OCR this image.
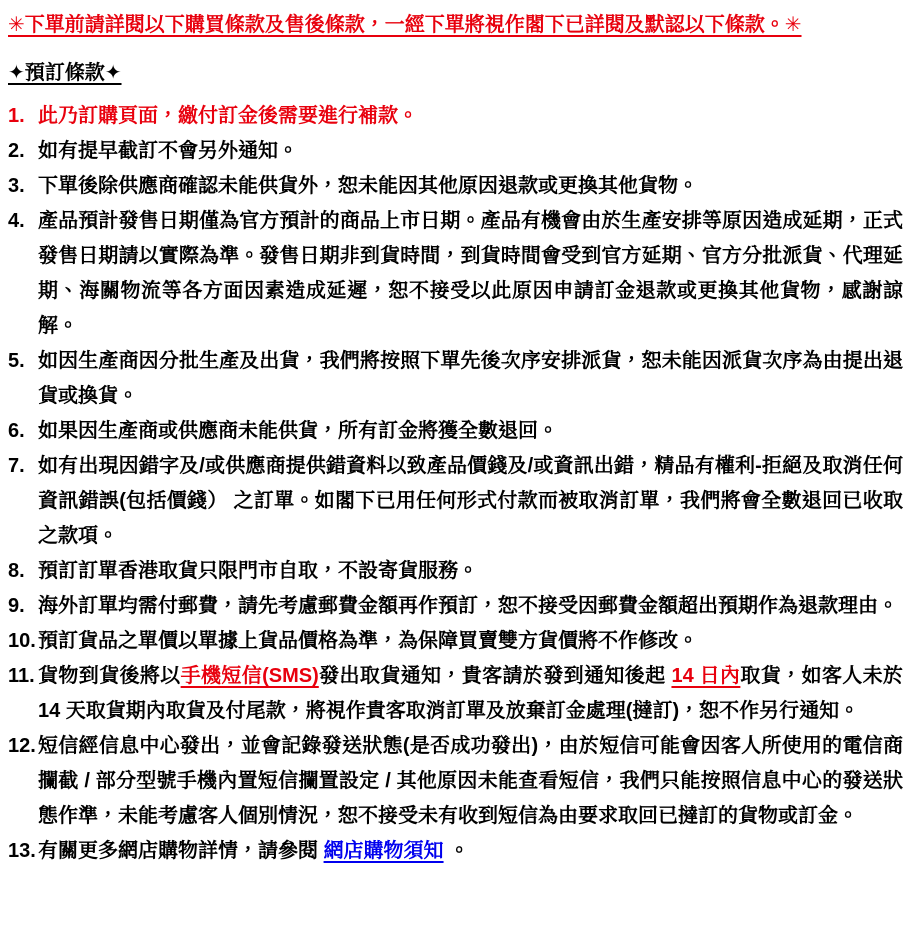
✳下單前請詳閱以下購買條款及售後條款，一經下單將視作閣下已詳閱及默認以下條款。✳
✦預訂條款✦
1. 此乃訂購頁面，繳付訂金後需要進行補款。
2. 如有提早截訂不會另外通知。
3. 下單後除供應商確認未能供貨外，恕未能因其他原因退款或更換其他貨物。
4. 產品預計發售日期僅為官方預計的商品上市日期。產品有機會由於生產安排等原因造成延期，正式發售日期請以實際為準。發售日期非到貨時間，到貨時間會受到官方延期、官方分批派貨、代理延期、海關物流等各方面因素造成延遲，恕不接受以此原因申請訂金退款或更換其他貨物，感謝諒解。
5. 如因生產商因分批生產及出貨，我們將按照下單先後次序安排派貨，恕未能因派貨次序為由提出退貨或換貨。
6. 如果因生產商或供應商未能供貨，所有訂金將獲全數退回。
7. 如有出現因錯字及/或供應商提供錯資料以致產品價錢及/或資訊出錯，精品有權利-拒絕及取消任何資訊錯誤(包括價錢） 之訂單。如閣下已用任何形式付款而被取消訂單，我們將會全數退回已收取之款項。
8. 預訂訂單香港取貨只限門市自取，不設寄貨服務。
9. 海外訂單均需付郵費，請先考慮郵費金額再作預訂，恕不接受因郵費金額超出預期作為退款理由。
10. 預訂貨品之單價以單據上貨品價格為準，為保障買賣雙方貨價將不作修改。
11. 貨物到貨後將以手機短信(SMS)發出取貨通知，貴客請於發到通知後起 14 日內取貨，如客人未於 14 天取貨期內取貨及付尾款，將視作貴客取消訂單及放棄訂金處理(撻訂)，恕不作另行通知。
12. 短信經信息中心發出，並會記錄發送狀態(是否成功發出)，由於短信可能會因客人所使用的電信商攔截 / 部分型號手機內置短信攔置設定 / 其他原因未能查看短信，我們只能按照信息中心的發送狀態作準，未能考慮客人個別情況，恕不接受未有收到短信為由要求取回已撻訂的貨物或訂金。
13. 有關更多網店購物詳情，請參閱 網店購物須知 。
